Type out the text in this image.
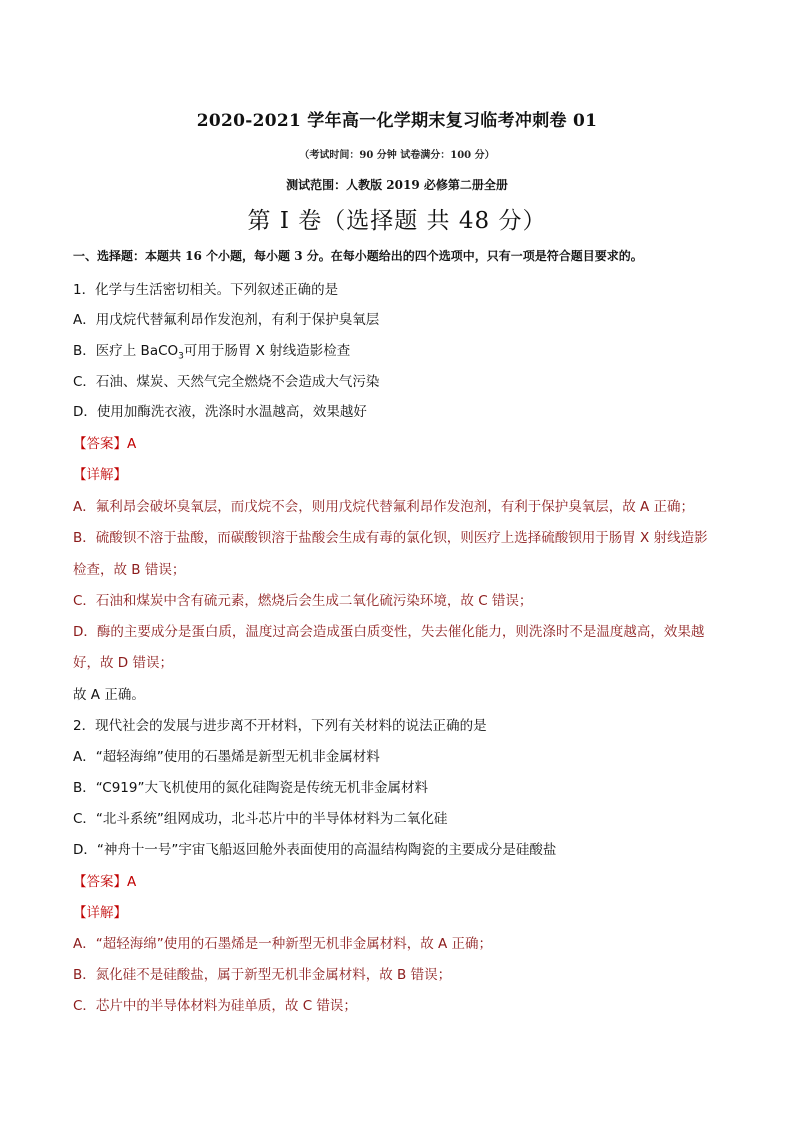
2020-2021 学年高一化学期末复习临考冲刺卷 01
（考试时间：90 分钟 试卷满分：100 分）
测试范围：人教版 2019 必修第二册全册
第 I 卷（选择题 共 48 分）
一、选择题：本题共 16 个小题，每小题 3 分。在每小题给出的四个选项中，只有一项是符合题目要求的。
1．化学与生活密切相关。下列叙述正确的是
A．用戊烷代替氟利昂作发泡剂，有利于保护臭氧层
B．医疗上 BaCO$_3$可用于肠胃 X 射线造影检查
C．石油、煤炭、天然气完全燃烧不会造成大气污染
D．使用加酶洗衣液，洗涤时水温越高，效果越好
【答案】A
【详解】
A．氟利昂会破坏臭氧层，而戊烷不会，则用戊烷代替氟利昂作发泡剂，有利于保护臭氧层，故 A 正确；
B．硫酸钡不溶于盐酸，而碳酸钡溶于盐酸会生成有毒的氯化钡，则医疗上选择硫酸钡用于肠胃 X 射线造影
检查，故 B 错误；
C．石油和煤炭中含有硫元素，燃烧后会生成二氧化硫污染环境，故 C 错误；
D．酶的主要成分是蛋白质，温度过高会造成蛋白质变性，失去催化能力，则洗涤时不是温度越高，效果越
好，故 D 错误；
故 A 正确。
2．现代社会的发展与进步离不开材料，下列有关材料的说法正确的是
A．“超轻海绵”使用的石墨烯是新型无机非金属材料
B．“C919”大飞机使用的氮化硅陶瓷是传统无机非金属材料
C．“北斗系统”组网成功，北斗芯片中的半导体材料为二氧化硅
D．“神舟十一号”宇宙飞船返回舱外表面使用的高温结构陶瓷的主要成分是硅酸盐
【答案】A
【详解】
A．“超轻海绵”使用的石墨烯是一种新型无机非金属材料，故 A 正确；
B．氮化硅不是硅酸盐，属于新型无机非金属材料，故 B 错误；
C．芯片中的半导体材料为硅单质，故 C 错误；
